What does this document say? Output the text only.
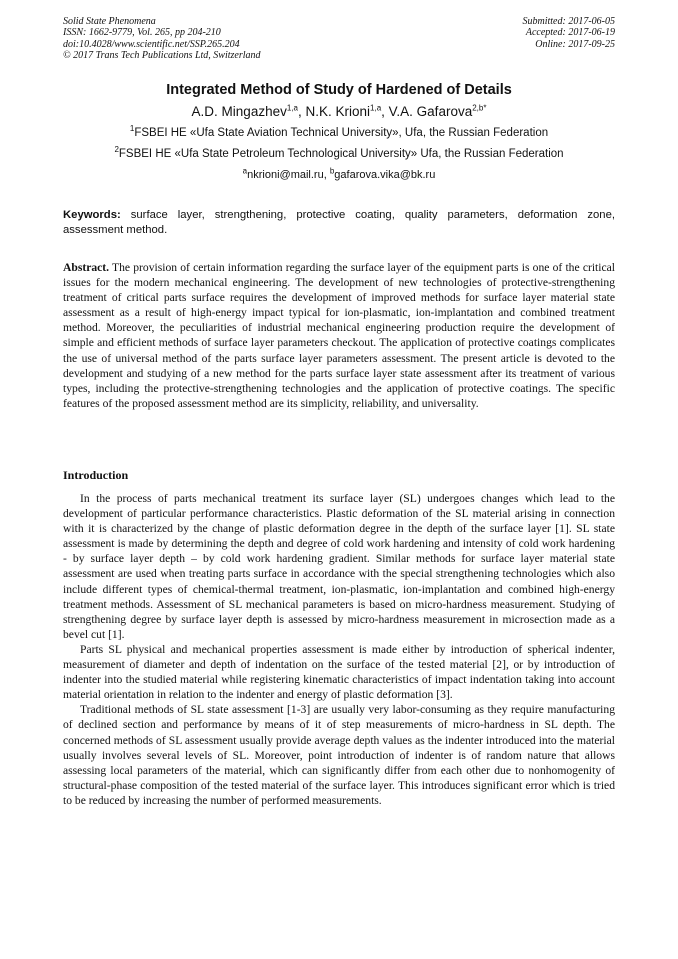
Solid State Phenomena
ISSN: 1662-9779, Vol. 265, pp 204-210
doi:10.4028/www.scientific.net/SSP.265.204
© 2017 Trans Tech Publications Ltd, Switzerland
Submitted: 2017-06-05
Accepted: 2017-06-19
Online: 2017-09-25
Integrated Method of Study of Hardened of Details
A.D. Mingazhev$^{1,a}$, N.K. Krioni$^{1,a}$, V.A. Gafarova$^{2,b*}$
$^1$FSBEI HE «Ufa State Aviation Technical University», Ufa, the Russian Federation
$^2$FSBEI HE «Ufa State Petroleum Technological University» Ufa, the Russian Federation
$^a$nkrioni@mail.ru, $^b$gafarova.vika@bk.ru
Keywords: surface layer, strengthening, protective coating, quality parameters, deformation zone, assessment method.
Abstract. The provision of certain information regarding the surface layer of the equipment parts is one of the critical issues for the modern mechanical engineering. The development of new technologies of protective-strengthening treatment of critical parts surface requires the development of improved methods for surface layer material state assessment as a result of high-energy impact typical for ion-plasmatic, ion-implantation and combined treatment method. Moreover, the peculiarities of industrial mechanical engineering production require the development of simple and efficient methods of surface layer parameters checkout. The application of protective coatings complicates the use of universal method of the parts surface layer parameters assessment. The present article is devoted to the development and studying of a new method for the parts surface layer state assessment after its treatment of various types, including the protective-strengthening technologies and the application of protective coatings. The specific features of the proposed assessment method are its simplicity, reliability, and universality.
Introduction

In the process of parts mechanical treatment its surface layer (SL) undergoes changes which lead to the development of particular performance characteristics. Plastic deformation of the SL material arising in connection with it is characterized by the change of plastic deformation degree in the depth of the surface layer [1]. SL state assessment is made by determining the depth and degree of cold work hardening and intensity of cold work hardening - by surface layer depth – by cold work hardening gradient. Similar methods for surface layer material state assessment are used when treating parts surface in accordance with the special strengthening technologies which also include different types of chemical-thermal treatment, ion-plasmatic, ion-implantation and combined high-energy treatment methods. Assessment of SL mechanical parameters is based on micro-hardness measurement. Studying of strengthening degree by surface layer depth is assessed by micro-hardness measurement in microsection made as a bevel cut [1].

Parts SL physical and mechanical properties assessment is made either by introduction of spherical indenter, measurement of diameter and depth of indentation on the surface of the tested material [2], or by introduction of indenter into the studied material while registering kinematic characteristics of impact indentation taking into account material orientation in relation to the indenter and energy of plastic deformation [3].

Traditional methods of SL state assessment [1-3] are usually very labor-consuming as they require manufacturing of declined section and performance by means of it of step measurements of micro-hardness in SL depth. The concerned methods of SL assessment usually provide average depth values as the indenter introduced into the material usually involves several levels of SL. Moreover, point introduction of indenter is of random nature that allows assessing local parameters of the material, which can significantly differ from each other due to nonhomogenity of structural-phase composition of the tested material of the surface layer. This introduces significant error which is tried to be reduced by increasing the number of performed measurements.
